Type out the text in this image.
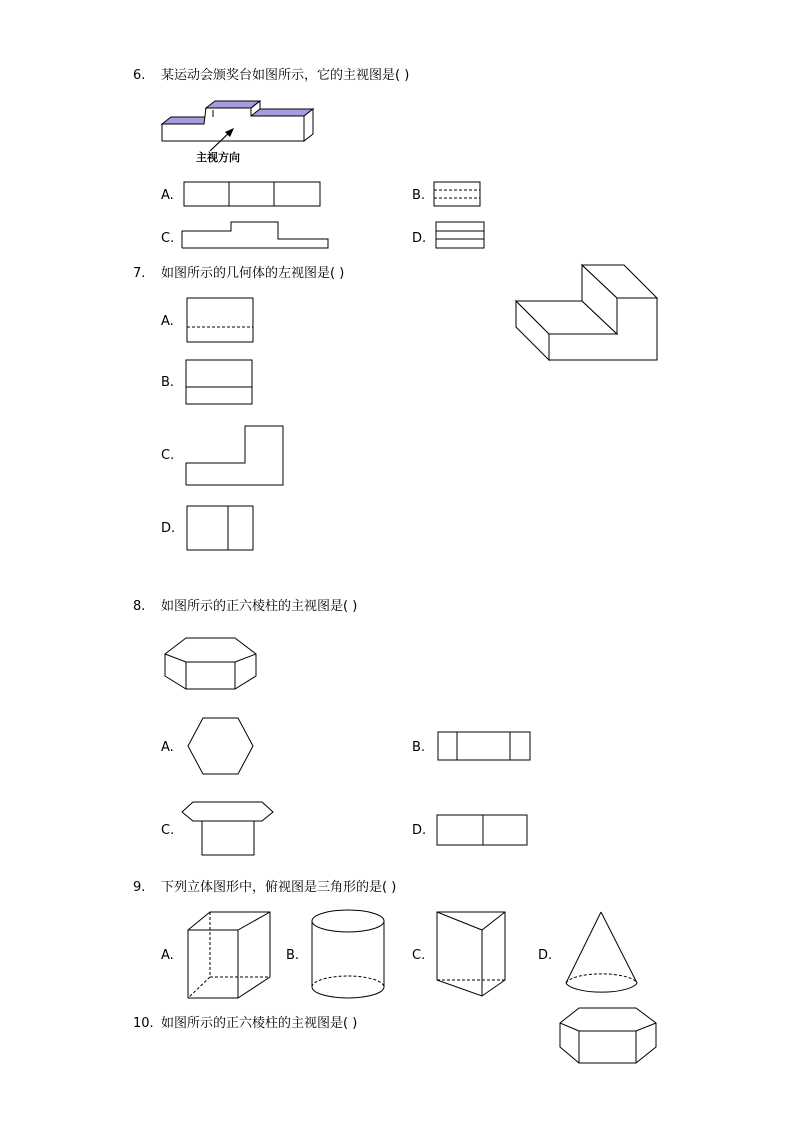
6. 某运动会颁奖台如图所示，它的主视图是( )
主视方向
A.	B.
C.	D.
7. 如图所示的几何体的左视图是( )
A.
B.
C.
D.
8. 如图所示的正六棱柱的主视图是( )
A.	B.
C.	D.
9. 下列立体图形中，俯视图是三角形的是( )
A.	B.	C.	D.
10. 如图所示的正六棱柱的主视图是( )
